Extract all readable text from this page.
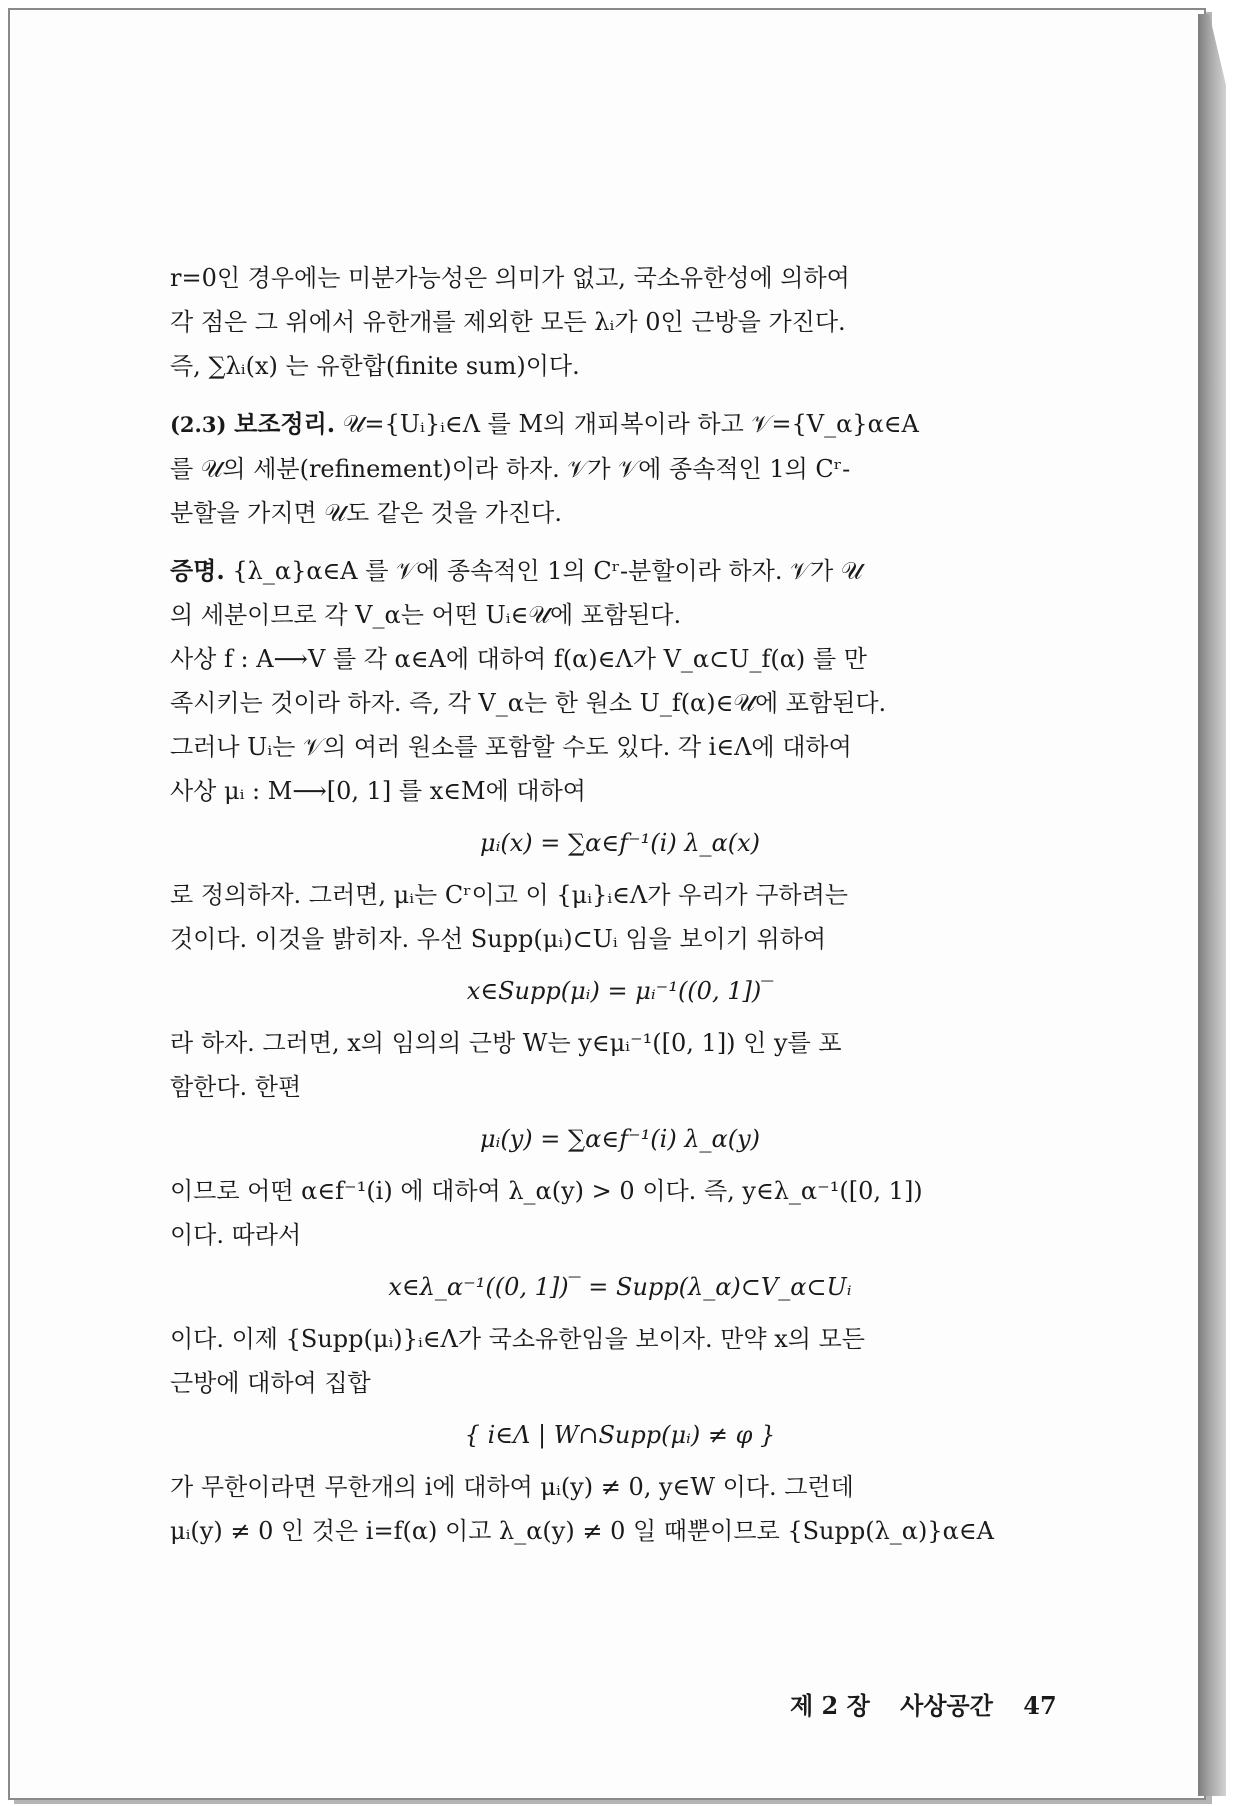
r=0인 경우에는 미분가능성은 의미가 없고, 국소유한성에 의하여

각 점은 그 위에서 유한개를 제외한 모든 λᵢ가 0인 근방을 가진다.

즉, ∑λᵢ(x) 는 유한합(finite sum)이다.

(2.3) 보조정리. 𝒰={Uᵢ}ᵢ∈Λ 를 M의 개피복이라 하고 𝒱={V_α}α∈A

를 𝒰의 세분(refinement)이라 하자. 𝒱가 𝒱에 종속적인 1의 Cʳ-

분할을 가지면 𝒰도 같은 것을 가진다.

증명. {λ_α}α∈A 를 𝒱에 종속적인 1의 Cʳ-분할이라 하자. 𝒱가 𝒰

의 세분이므로 각 V_α는 어떤 Uᵢ∈𝒰에 포함된다.

사상 f : A⟶V 를 각 α∈A에 대하여 f(α)∈Λ가 V_α⊂U_f(α) 를 만

족시키는 것이라 하자. 즉, 각 V_α는 한 원소 U_f(α)∈𝒰에 포함된다.

그러나 Uᵢ는 𝒱의 여러 원소를 포함할 수도 있다. 각 i∈Λ에 대하여

사상 μᵢ : M⟶[0, 1] 를 x∈M에 대하여

μᵢ(x) = ∑α∈f⁻¹(i) λ_α(x)

로 정의하자. 그러면, μᵢ는 Cʳ이고 이 {μᵢ}ᵢ∈Λ가 우리가 구하려는

것이다. 이것을 밝히자. 우선 Supp(μᵢ)⊂Uᵢ 임을 보이기 위하여

x∈Supp(μᵢ) = μᵢ⁻¹((0, 1])‾

라 하자. 그러면, x의 임의의 근방 W는 y∈μᵢ⁻¹([0, 1]) 인 y를 포

함한다. 한편

μᵢ(y) = ∑α∈f⁻¹(i) λ_α(y)

이므로 어떤 α∈f⁻¹(i) 에 대하여 λ_α(y) > 0 이다. 즉, y∈λ_α⁻¹([0, 1])

이다. 따라서

x∈λ_α⁻¹((0, 1])‾ = Supp(λ_α)⊂V_α⊂Uᵢ

이다. 이제 {Supp(μᵢ)}ᵢ∈Λ가 국소유한임을 보이자. 만약 x의 모든

근방에 대하여 집합

{ i∈Λ | W∩Supp(μᵢ) ≠ φ }

가 무한이라면 무한개의 i에 대하여 μᵢ(y) ≠ 0, y∈W 이다. 그런데

μᵢ(y) ≠ 0 인 것은 i=f(α) 이고 λ_α(y) ≠ 0 일 때뿐이므로 {Supp(λ_α)}α∈A

제 2 장 사상공간 47
